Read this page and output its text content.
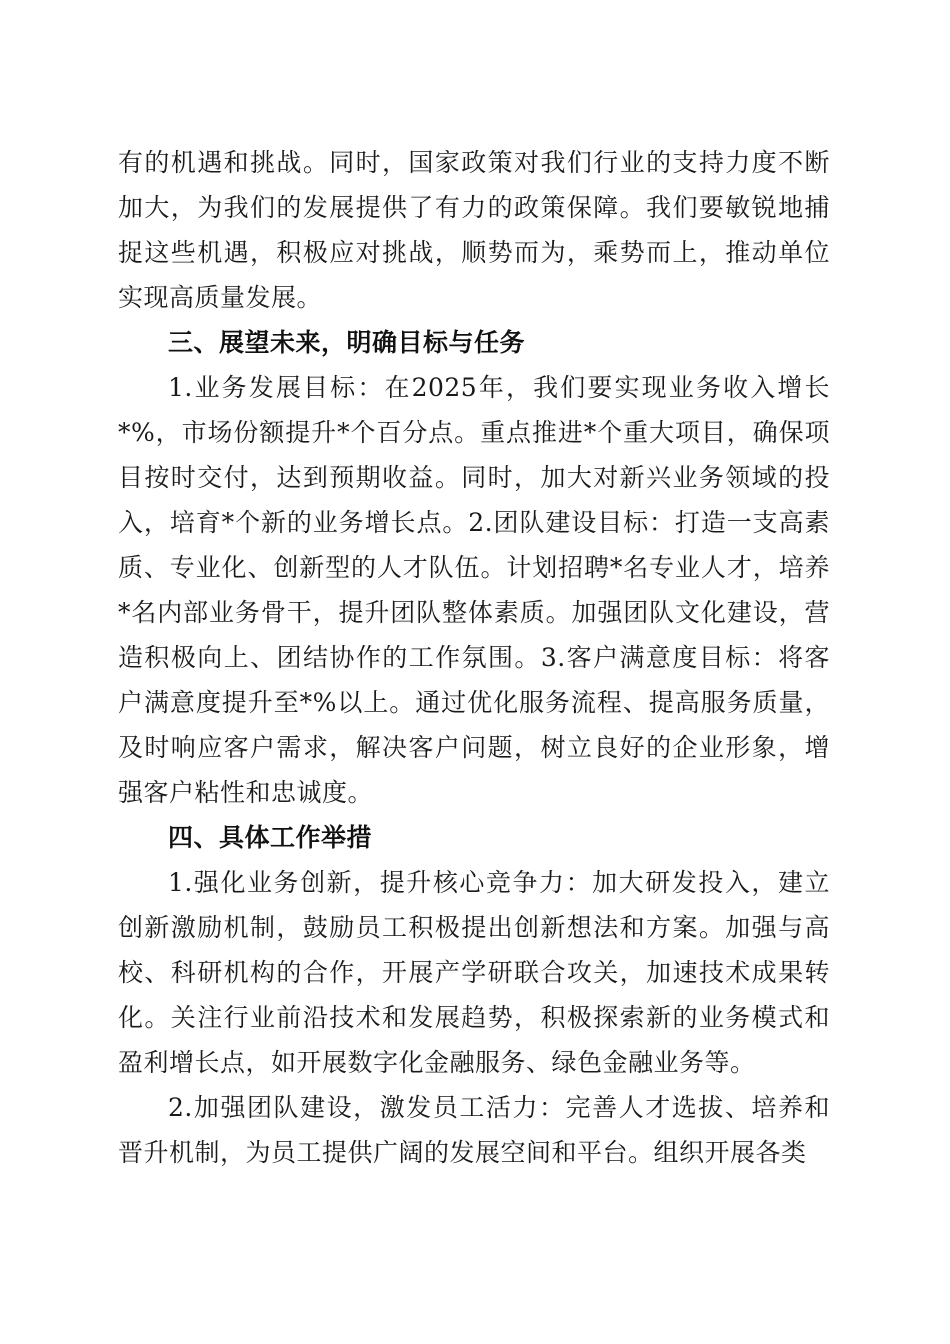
有的机遇和挑战。同时，国家政策对我们行业的支持力度不断加大，为我们的发展提供了有力的政策保障。我们要敏锐地捕捉这些机遇，积极应对挑战，顺势而为，乘势而上，推动单位实现高质量发展。

三、展望未来，明确目标与任务

1.业务发展目标：在2025年，我们要实现业务收入增长*%，市场份额提升*个百分点。重点推进*个重大项目，确保项目按时交付，达到预期收益。同时，加大对新兴业务领域的投入，培育*个新的业务增长点。2.团队建设目标：打造一支高素质、专业化、创新型的人才队伍。计划招聘*名专业人才，培养*名内部业务骨干，提升团队整体素质。加强团队文化建设，营造积极向上、团结协作的工作氛围。3.客户满意度目标：将客户满意度提升至*%以上。通过优化服务流程、提高服务质量，及时响应客户需求，解决客户问题，树立良好的企业形象，增强客户粘性和忠诚度。

四、具体工作举措

1.强化业务创新，提升核心竞争力：加大研发投入，建立创新激励机制，鼓励员工积极提出创新想法和方案。加强与高校、科研机构的合作，开展产学研联合攻关，加速技术成果转化。关注行业前沿技术和发展趋势，积极探索新的业务模式和盈利增长点，如开展数字化金融服务、绿色金融业务等。

2.加强团队建设，激发员工活力：完善人才选拔、培养和晋升机制，为员工提供广阔的发展空间和平台。组织开展各类
